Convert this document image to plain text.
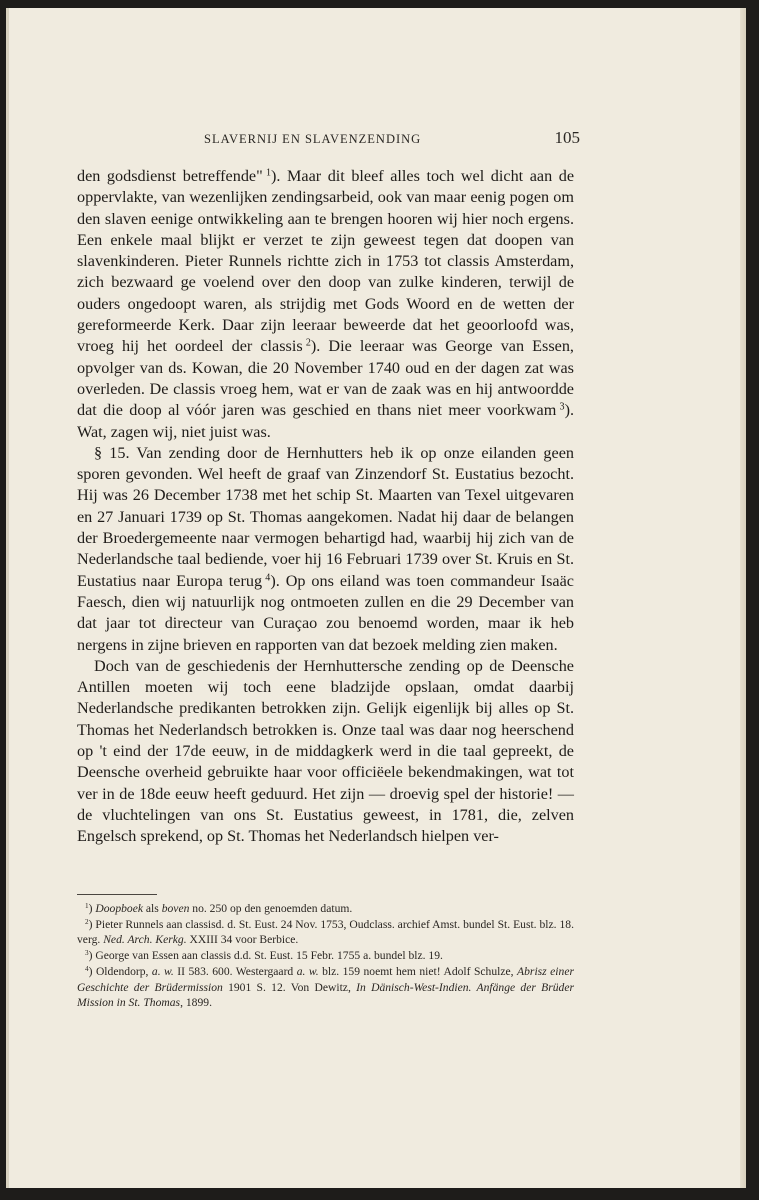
SLAVERNIJ EN SLAVENZENDING	105

den godsdienst betreffende"  $^1$). Maar dit bleef alles toch wel dicht aan de oppervlakte, van wezenlijken zendingsarbeid, ook van maar eenig pogen om den slaven eenige ontwikkeling aan te brengen hooren wij hier noch ergens. Een enkele maal blijkt er verzet te zijn geweest tegen dat doopen van slavenkinderen. Pieter Runnels richtte zich in 1753 tot classis Amsterdam, zich bezwaard ge voelend over den doop van zulke kinderen, terwijl de ouders ongedoopt waren, als strijdig met Gods Woord en de wetten der gereformeerde Kerk. Daar zijn leeraar beweerde dat het geoorloofd was, vroeg hij het oordeel der classis  $^2$). Die leeraar was George van Essen, opvolger van ds. Kowan, die 20 November 1740 oud en der dagen zat was overleden. De classis vroeg hem, wat er van de zaak was en hij antwoordde dat die doop al vóór jaren was geschied en thans niet meer voorkwam  $^3$). Wat, zagen wij, niet juist was.

§ 15. Van zending door de Hernhutters heb ik op onze eilanden geen sporen gevonden. Wel heeft de graaf van Zinzendorf St. Eustatius bezocht. Hij was 26 December 1738 met het schip St. Maarten van Texel uitgevaren en 27 Januari 1739 op St. Thomas aangekomen. Nadat hij daar de belangen der Broedergemeente naar vermogen behartigd had, waarbij hij zich van de Nederlandsche taal bediende, voer hij 16 Februari 1739 over St. Kruis en St. Eustatius naar Europa terug  $^4$). Op ons eiland was toen commandeur Isaäc Faesch, dien wij natuurlijk nog ontmoeten zullen en die 29 December van dat jaar tot directeur van Curaçao zou benoemd worden, maar ik heb nergens in zijne brieven en rapporten van dat bezoek melding zien maken.

Doch van de geschiedenis der Hernhuttersche zending op de Deensche Antillen moeten wij toch eene bladzijde opslaan, omdat daarbij Nederlandsche predikanten betrokken zijn. Gelijk eigenlijk bij alles op St. Thomas het Nederlandsch betrokken is. Onze taal was daar nog heerschend op 't eind der 17de eeuw, in de middagkerk werd in die taal gepreekt, de Deensche overheid gebruikte haar voor officiëele bekendmakingen, wat tot ver in de 18de eeuw heeft geduurd. Het zijn — droevig spel der historie! — de vluchtelingen van ons St. Eustatius geweest, in 1781, die, zelven Engelsch sprekend, op St. Thomas het Nederlandsch hielpen ver-

$^1$) Doopboek als boven no. 250 op den genoemden datum.

$^2$) Pieter Runnels aan classisd. d. St. Eust. 24 Nov. 1753, Oudclass. archief Amst. bundel St. Eust. blz. 18. verg. Ned. Arch. Kerkg. XXIII 34 voor Berbice.

$^3$) George van Essen aan classis d.d. St. Eust. 15 Febr. 1755 a. bundel blz. 19.

$^4$) Oldendorp, a. w. II 583. 600. Westergaard a. w. blz. 159 noemt hem niet! Adolf Schulze, Abrisz einer Geschichte der Brüdermission 1901 S. 12. Von Dewitz, In Dänisch-West-Indien. Anfänge der Brüder Mission in St. Thomas, 1899.
